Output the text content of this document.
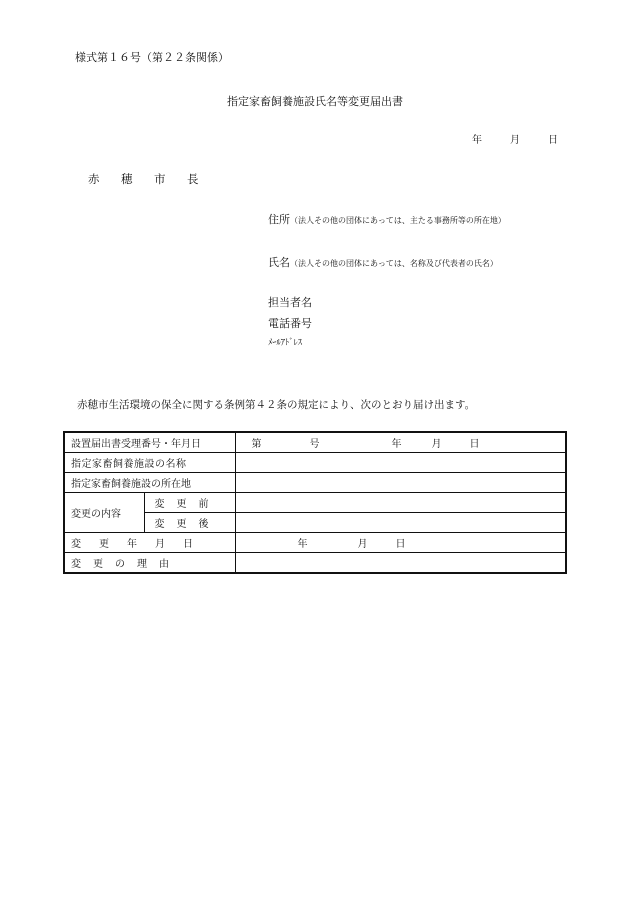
様式第１６号（第２２条関係）
指定家畜飼養施設氏名等変更届出書
年	月	日
赤 穂 市 長
住所（法人その他の団体にあっては、主たる事務所等の所在地）
氏名（法人その他の団体にあっては、名称及び代表者の氏名）
担当者名
電話番号
ﾒｰﾙｱﾄﾞﾚｽ
赤穂市生活環境の保全に関する条例第４２条の規定により、次のとおり届け出ます。
設置届出書受理番号・年月日		第 号 年 月 日
指定家畜飼養施設の名称		
指定家畜飼養施設の所在地		
変更の内容	変 更 前	
	変 更 後	
変 更 年 月 日		年 月 日
変 更 の 理 由		
